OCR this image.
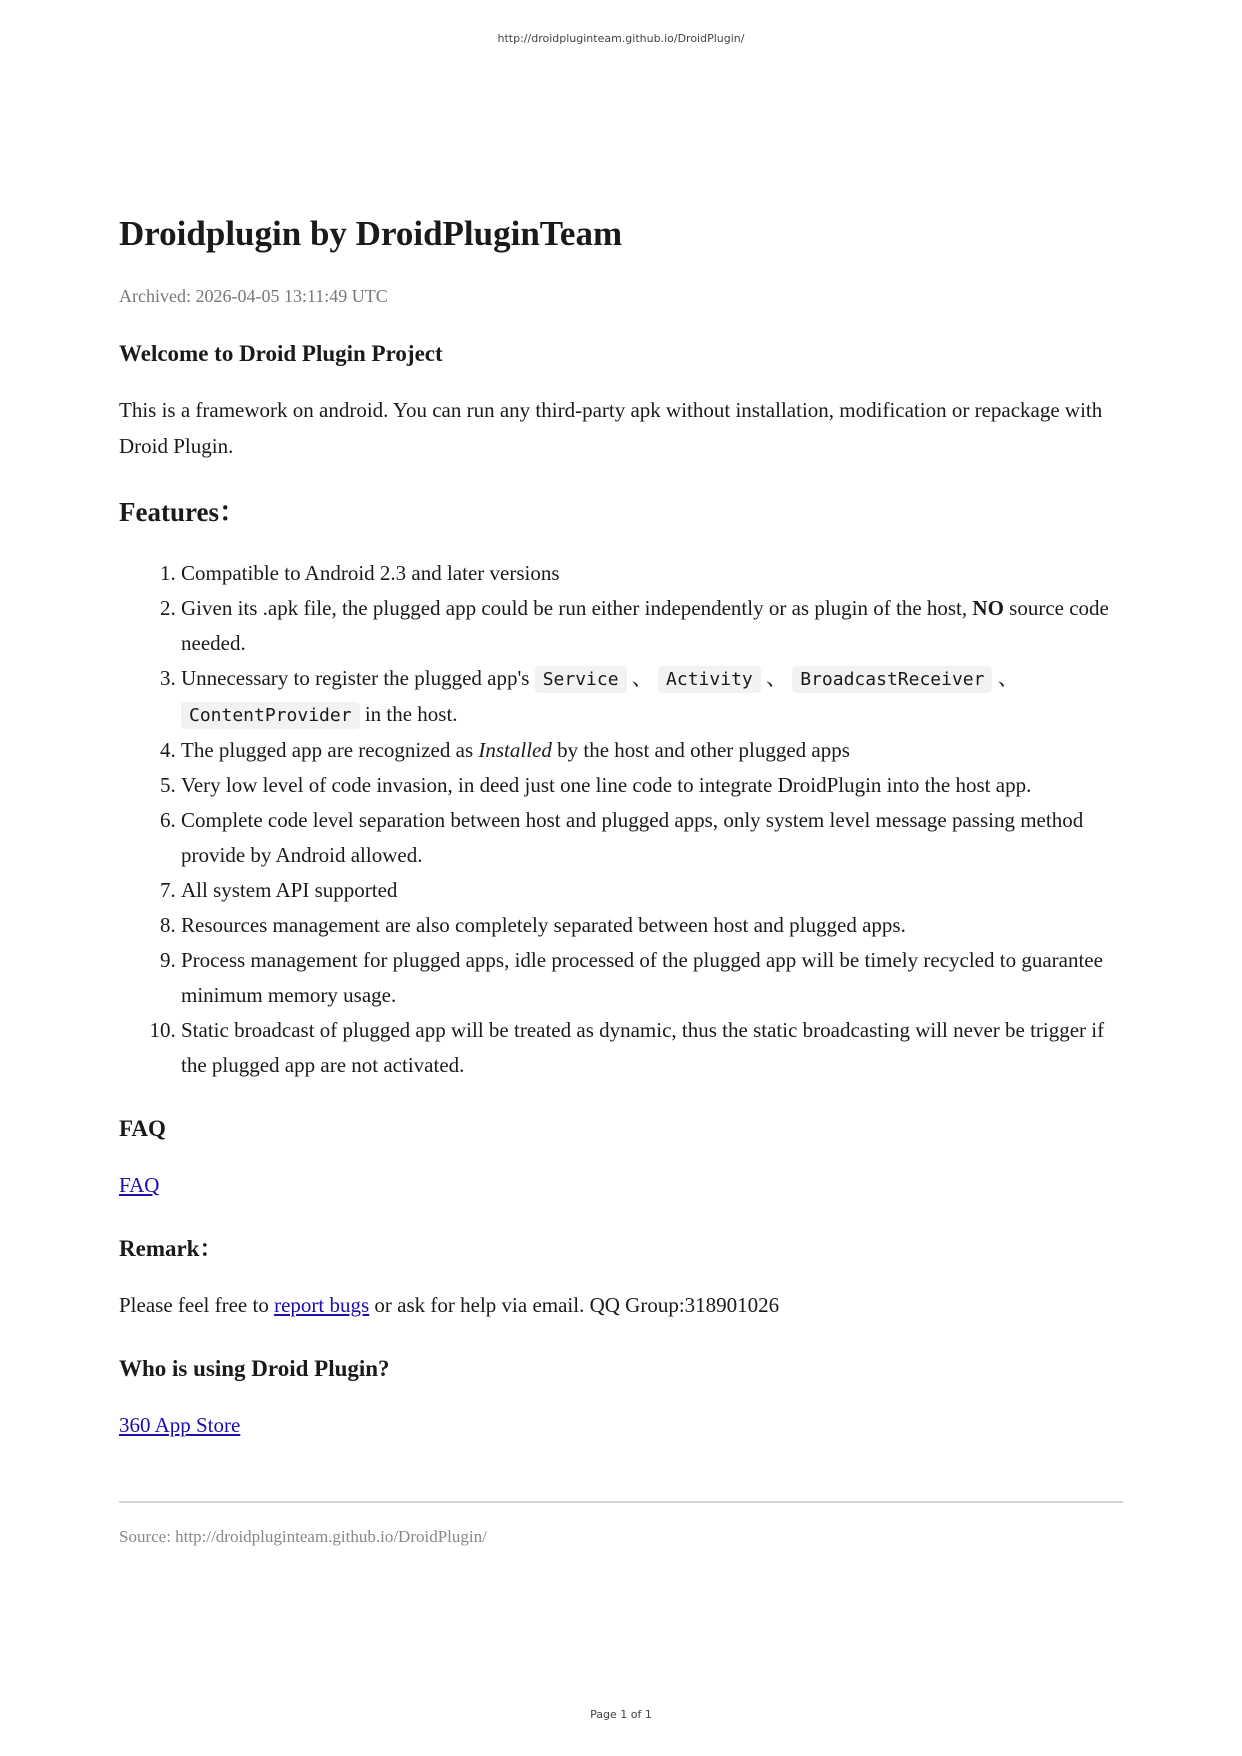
http://droidpluginteam.github.io/DroidPlugin/
Droidplugin by DroidPluginTeam
Archived: 2026-04-05 13:11:49 UTC
Welcome to Droid Plugin Project

This is a framework on android. You can run any third-party apk without installation, modification or repackage with Droid Plugin.

Features：
1. Compatible to Android 2.3 and later versions
2. Given its .apk file, the plugged app could be run either independently or as plugin of the host, NO source code needed.
3. Unnecessary to register the plugged app's Service 、 Activity 、 BroadcastReceiver 、
ContentProvider in the host.
4. The plugged app are recognized as Installed by the host and other plugged apps
5. Very low level of code invasion, in deed just one line code to integrate DroidPlugin into the host app.
6. Complete code level separation between host and plugged apps, only system level message passing method provide by Android allowed.
7. All system API supported
8. Resources management are also completely separated between host and plugged apps.
9. Process management for plugged apps, idle processed of the plugged app will be timely recycled to guarantee minimum memory usage.
10. Static broadcast of plugged app will be treated as dynamic, thus the static broadcasting will never be trigger if the plugged app are not activated.
FAQ

FAQ

Remark：

Please feel free to report bugs or ask for help via email. QQ Group:318901026

Who is using Droid Plugin?

360 App Store

Source: http://droidpluginteam.github.io/DroidPlugin/
Page 1 of 1
